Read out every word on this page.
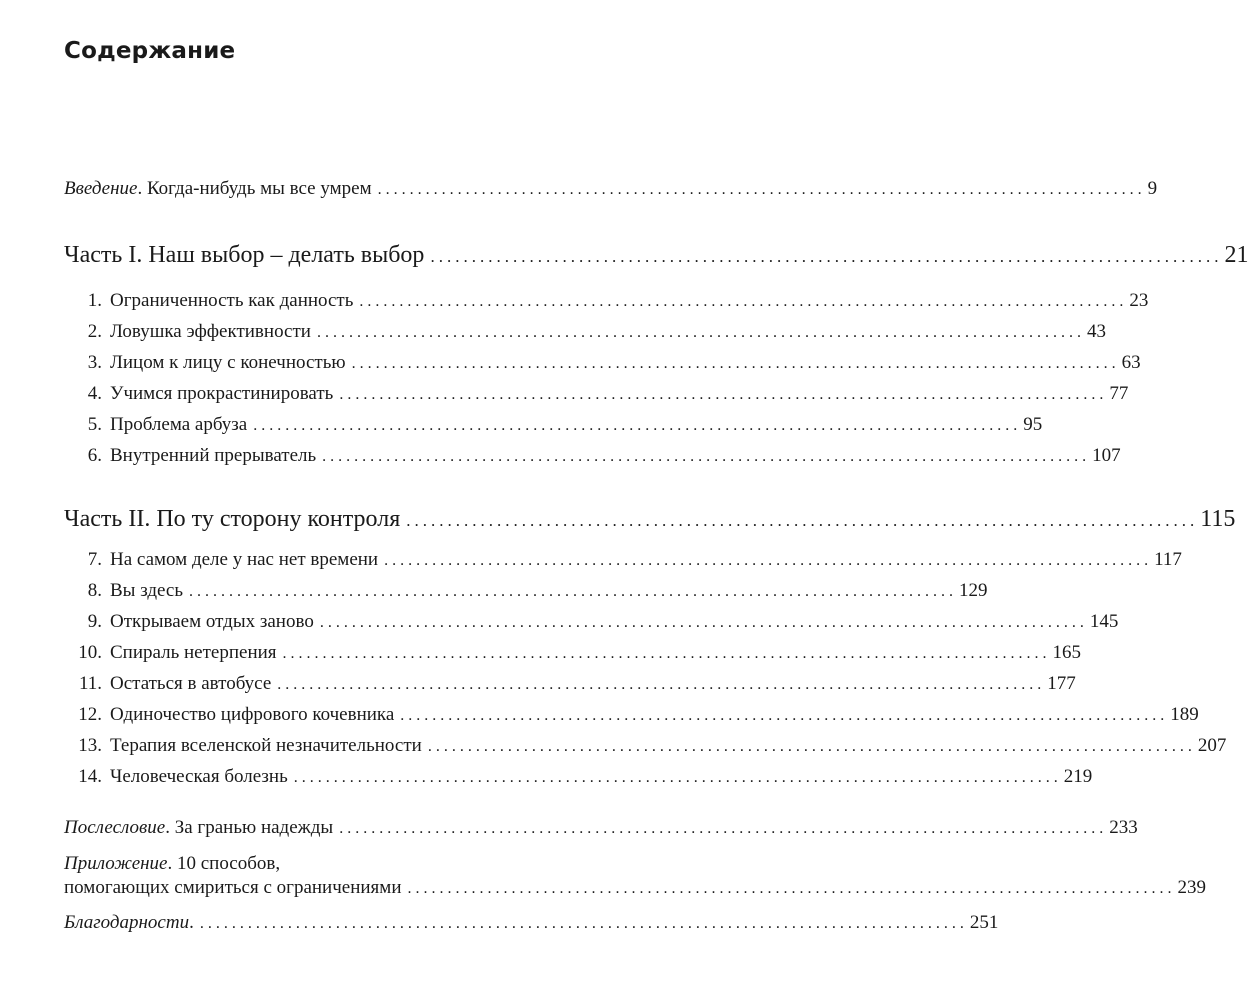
Содержание
Введение. Когда-нибудь мы все умрем ................................................................................................ 9
Часть I. Наш выбор – делать выбор ................................................................................................ 21
1. Ограниченность как данность ................................................................................................ 23
2. Ловушка эффективности ................................................................................................ 43
3. Лицом к лицу с конечностью ................................................................................................ 63
4. Учимся прокрастинировать ................................................................................................ 77
5. Проблема арбуза ................................................................................................ 95
6. Внутренний прерыватель ................................................................................................ 107
Часть II. По ту сторону контроля ................................................................................................ 115
7. На самом деле у нас нет времени ................................................................................................ 117
8. Вы здесь ................................................................................................ 129
9. Открываем отдых заново ................................................................................................ 145
10. Спираль нетерпения ................................................................................................ 165
11. Остаться в автобусе ................................................................................................ 177
12. Одиночество цифрового кочевника ................................................................................................ 189
13. Терапия вселенской незначительности ................................................................................................ 207
14. Человеческая болезнь ................................................................................................ 219
Послесловие. За гранью надежды ................................................................................................ 233
Приложение. 10 способов,
помогающих смириться с ограничениями ................................................................................................ 239
Благодарности. ................................................................................................ 251
